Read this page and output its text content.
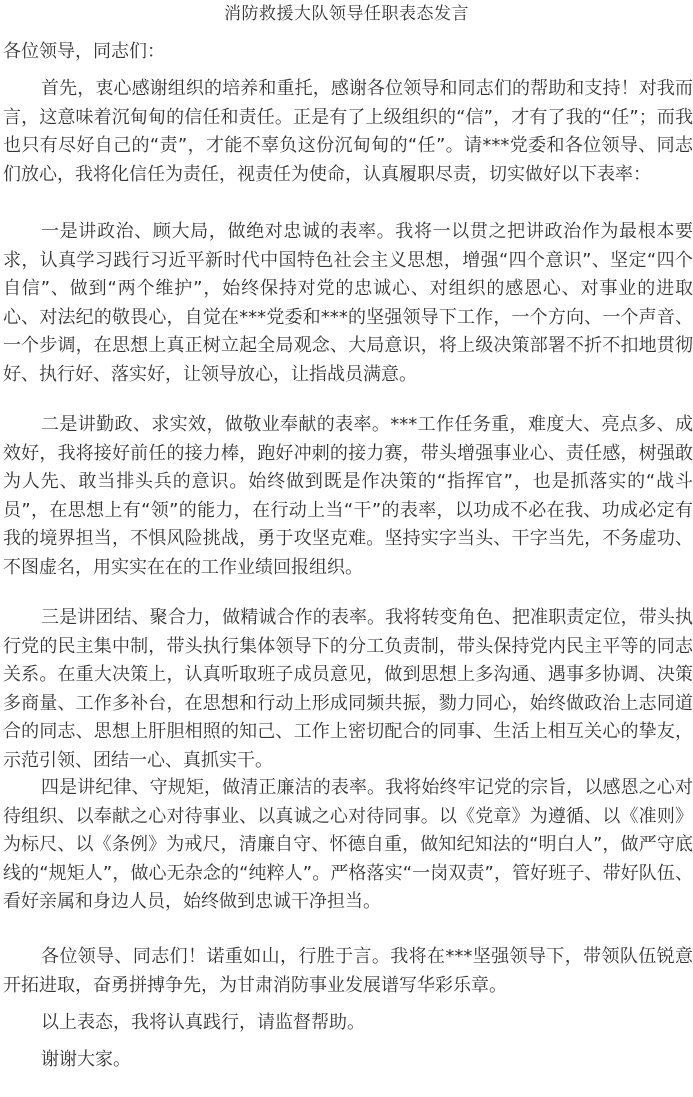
消防救援大队领导任职表态发言
各位领导，同志们：

首先，衷心感谢组织的培养和重托，感谢各位领导和同志们的帮助和支持！对我而言，这意味着沉甸甸的信任和责任。正是有了上级组织的“信”，才有了我的“任”；而我也只有尽好自己的“责”，才能不辜负这份沉甸甸的“任”。请***党委和各位领导、同志们放心，我将化信任为责任，视责任为使命，认真履职尽责，切实做好以下表率：

一是讲政治、顾大局，做绝对忠诚的表率。我将一以贯之把讲政治作为最根本要求，认真学习践行习近平新时代中国特色社会主义思想，增强“四个意识”、坚定“四个自信”、做到“两个维护”，始终保持对党的忠诚心、对组织的感恩心、对事业的进取心、对法纪的敬畏心，自觉在***党委和***的坚强领导下工作，一个方向、一个声音、一个步调，在思想上真正树立起全局观念、大局意识，将上级决策部署不折不扣地贯彻好、执行好、落实好，让领导放心，让指战员满意。

二是讲勤政、求实效，做敬业奉献的表率。***工作任务重，难度大、亮点多、成效好，我将接好前任的接力棒，跑好冲刺的接力赛，带头增强事业心、责任感，树强敢为人先、敢当排头兵的意识。始终做到既是作决策的“指挥官”，也是抓落实的“战斗员”，在思想上有“领”的能力，在行动上当“干”的表率，以功成不必在我、功成必定有我的境界担当，不惧风险挑战，勇于攻坚克难。坚持实字当头、干字当先，不务虚功、不图虚名，用实实在在的工作业绩回报组织。

三是讲团结、聚合力，做精诚合作的表率。我将转变角色、把准职责定位，带头执行党的民主集中制，带头执行集体领导下的分工负责制，带头保持党内民主平等的同志关系。在重大决策上，认真听取班子成员意见，做到思想上多沟通、遇事多协调、决策多商量、工作多补台，在思想和行动上形成同频共振，勠力同心，始终做政治上志同道合的同志、思想上肝胆相照的知己、工作上密切配合的同事、生活上相互关心的挚友，示范引领、团结一心、真抓实干。

四是讲纪律、守规矩，做清正廉洁的表率。我将始终牢记党的宗旨，以感恩之心对待组织、以奉献之心对待事业、以真诚之心对待同事。以《党章》为遵循、以《准则》为标尺、以《条例》为戒尺，清廉自守、怀德自重，做知纪知法的“明白人”，做严守底线的“规矩人”，做心无杂念的“纯粹人”。严格落实“一岗双责”，管好班子、带好队伍、看好亲属和身边人员，始终做到忠诚干净担当。

各位领导、同志们！诺重如山，行胜于言。我将在***坚强领导下，带领队伍锐意开拓进取，奋勇拼搏争先，为甘肃消防事业发展谱写华彩乐章。

以上表态，我将认真践行，请监督帮助。

谢谢大家。
